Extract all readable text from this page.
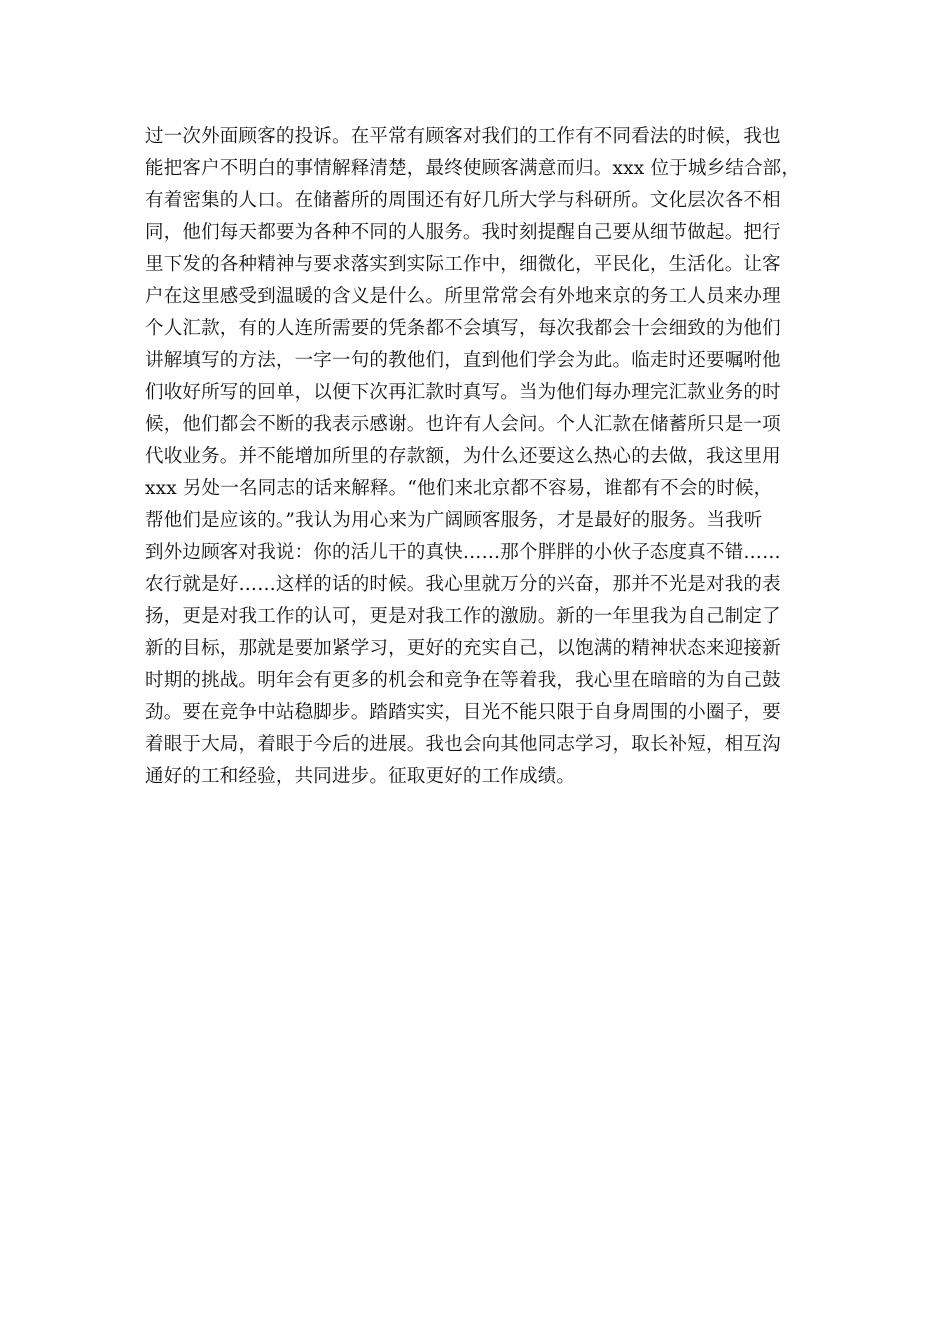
过一次外面顾客的投诉。在平常有顾客对我们的工作有不同看法的时候，我也
能把客户不明白的事情解释清楚，最终使顾客满意而归。xxx 位于城乡结合部，
有着密集的人口。在储蓄所的周围还有好几所大学与科研所。文化层次各不相
同，他们每天都要为各种不同的人服务。我时刻提醒自己要从细节做起。把行
里下发的各种精神与要求落实到实际工作中，细微化，平民化，生活化。让客
户在这里感受到温暖的含义是什么。所里常常会有外地来京的务工人员来办理
个人汇款，有的人连所需要的凭条都不会填写，每次我都会十会细致的为他们
讲解填写的方法，一字一句的教他们，直到他们学会为此。临走时还要嘱咐他
们收好所写的回单，以便下次再汇款时真写。当为他们每办理完汇款业务的时
候，他们都会不断的我表示感谢。也许有人会问。个人汇款在储蓄所只是一项
代收业务。并不能增加所里的存款额，为什么还要这么热心的去做，我这里用
xxx 另处一名同志的话来解释。“他们来北京都不容易，谁都有不会的时候，
帮他们是应该的。”我认为用心来为广阔顾客服务，才是最好的服务。当我听
到外边顾客对我说：你的活儿干的真快……那个胖胖的小伙子态度真不错……
农行就是好……这样的话的时候。我心里就万分的兴奋，那并不光是对我的表
扬，更是对我工作的认可，更是对我工作的激励。新的一年里我为自己制定了
新的目标，那就是要加紧学习，更好的充实自己，以饱满的精神状态来迎接新
时期的挑战。明年会有更多的机会和竞争在等着我，我心里在暗暗的为自己鼓
劲。要在竞争中站稳脚步。踏踏实实，目光不能只限于自身周围的小圈子，要
着眼于大局，着眼于今后的进展。我也会向其他同志学习，取长补短，相互沟
通好的工和经验，共同进步。征取更好的工作成绩。
